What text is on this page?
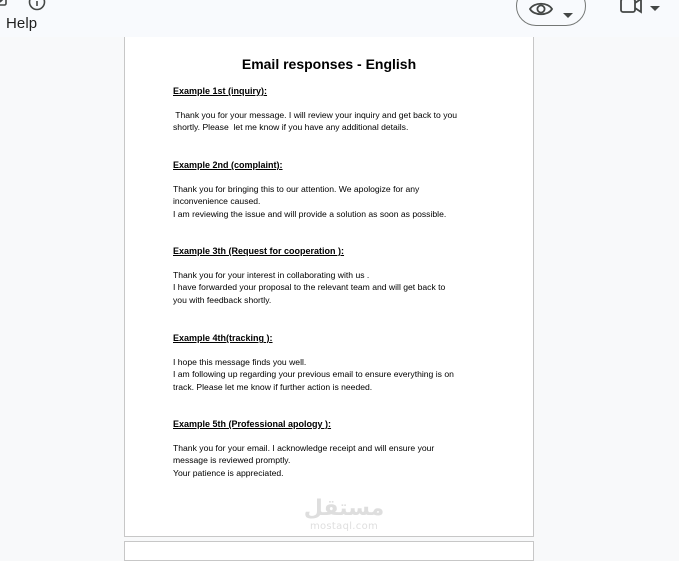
Help
Email responses - English
Example 1st (inquiry):
Thank you for your message. I will review your inquiry and get back to you
shortly. Please  let me know if you have any additional details.
Example 2nd (complaint):
Thank you for bringing this to our attention. We apologize for any
inconvenience caused.
I am reviewing the issue and will provide a solution as soon as possible.
Example 3th (Request for cooperation ):
Thank you for your interest in collaborating with us .
I have forwarded your proposal to the relevant team and will get back to
you with feedback shortly.
Example 4th(tracking ):
I hope this message finds you well.
I am following up regarding your previous email to ensure everything is on
track. Please let me know if further action is needed.
Example 5th (Professional apology ):
Thank you for your email. I acknowledge receipt and will ensure your
message is reviewed promptly.
Your patience is appreciated.
مستقل
mostaql.com
